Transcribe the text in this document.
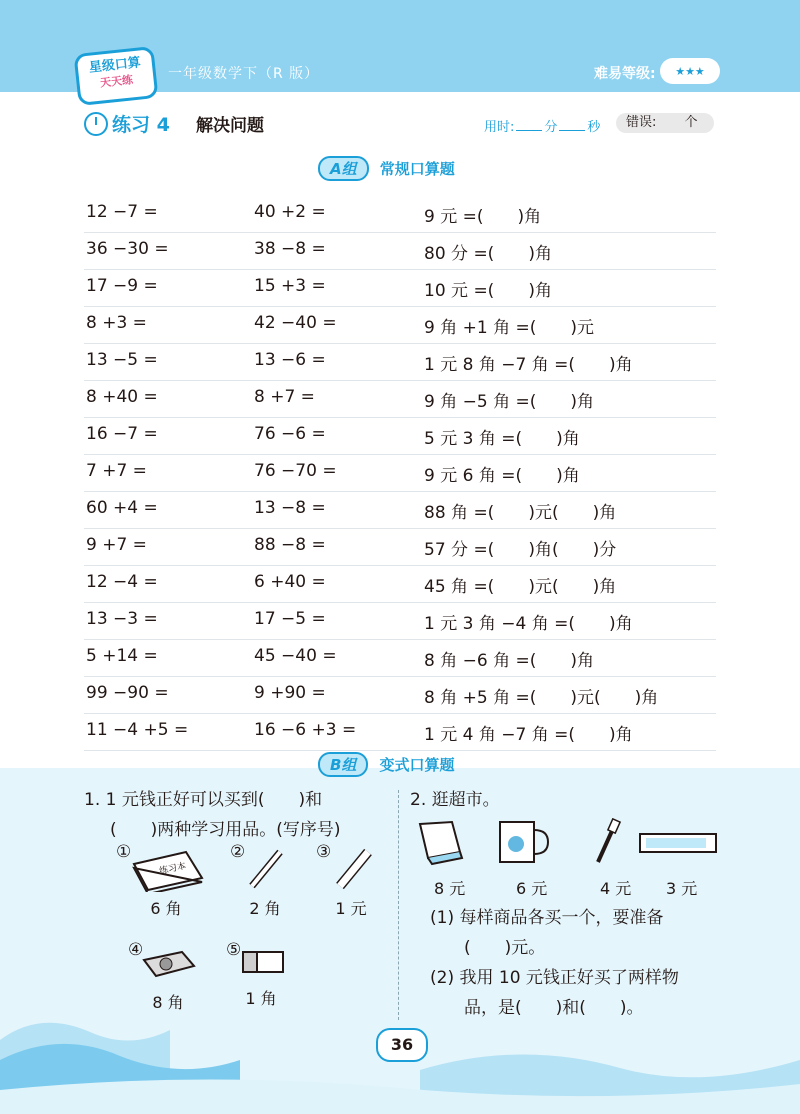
星级口算
天天练	一年级数学下（R 版）	难易等级: ★★★
练习 4 解决问题	用时: 分 秒	错误: 个
A组 常规口算题
12 −7 =	40 +2 =	9 元 =(　　)角
36 −30 =	38 −8 =	80 分 =(　　)角
17 −9 =	15 +3 =	10 元 =(　　)角
8 +3 =	42 −40 =	9 角 +1 角 =(　　)元
13 −5 =	13 −6 =	1 元 8 角 −7 角 =(　　)角
8 +40 =	8 +7 =	9 角 −5 角 =(　　)角
16 −7 =	76 −6 =	5 元 3 角 =(　　)角
7 +7 =	76 −70 =	9 元 6 角 =(　　)角
60 +4 =	13 −8 =	88 角 =(　　)元(　　)角
9 +7 =	88 −8 =	57 分 =(　　)角(　　)分
12 −4 =	6 +40 =	45 角 =(　　)元(　　)角
13 −3 =	17 −5 =	1 元 3 角 −4 角 =(　　)角
5 +14 =	45 −40 =	8 角 −6 角 =(　　)角
99 −90 =	9 +90 =	8 角 +5 角 =(　　)元(　　)角
11 −4 +5 =	16 −6 +3 =	1 元 4 角 −7 角 =(　　)角
B组 变式口算题
1. 1 元钱正好可以买到(　　)和
(　　)两种学习用品。(写序号)
①
练习本
6 角
②
2 角
③
1 元
④
8 角
⑤
1 角
2. 逛超市。
8 元	6 元	4 元 3 元
(1) 每样商品各买一个，要准备
(　　)元。
(2) 我用 10 元钱正好买了两样物
品，是(　　)和(　　)。
36
